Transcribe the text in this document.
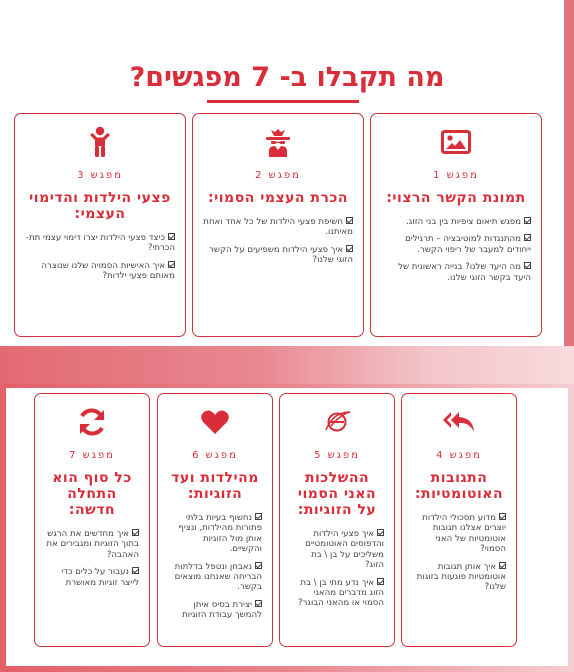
מה תקבלו ב- 7 מפגשים?
מפגש 1
תמונת הקשר הרצוי:
מפגש תיאום ציפיות בין בני הזוג.
מהתנגדות למוטיבציה – תרגילים ייחודים למעבר של ריפוי הקשר.
מה היעד שלנו? בנייה ראשונית של היעד בקשר הזוגי שלנו.
מפגש 2
הכרת העצמי הסמוי:
חשיפת פצעי הילדות של כל אחד ואחת מאיתנו.
איך פצעי הילדות משפיעים על הקשר הזוגי שלנו?
מפגש 3
פצעי הילדות והדימוי העצמי:
כיצד פצעי הילדות יצרו דימוי עצמי תת- הכרתי?
איך האישיות הסמויה שלנו שנוצרה מאותם פצעי ילדות?
מפגש 4
התגובות האוטומטיות:
מדוע תסכולי הילדות יוצרים אצלנו תגובות אוטומטיות של האני הסמוי?
איך אותן תגובות אוטומטיות פוגעות בזוגות שלנו?
מפגש 5
ההשלכות האני הסמוי על הזוגיות:
איך פצעי הילדות והדפוסים האוטומטיים משליכים על בן \ בת הזוג?
איך נדע מתי בן \ בת הזוג מדברים מהאני הסמוי או מהאני הבוגר?
מפגש 6
מהילדות ועד הזוגיות:
נחשוף בעיות בלתי פתורות מהילדות, ונציף אותן מול הזוגיות והקשיים.
נאבחן ונטפל בדלתות הבריחה שאנחנו מוצאים בקשר.
יצירת בסיס איתן להמשך עבודת הזוגיות
מפגש 7
כל סוף הוא התחלה חדשה:
איך מחדשים את הרגש בתוך הזוגיות ומגבירים את האהבה?
נעבור על כלים כדי לייצר זוגיות מאושרת
